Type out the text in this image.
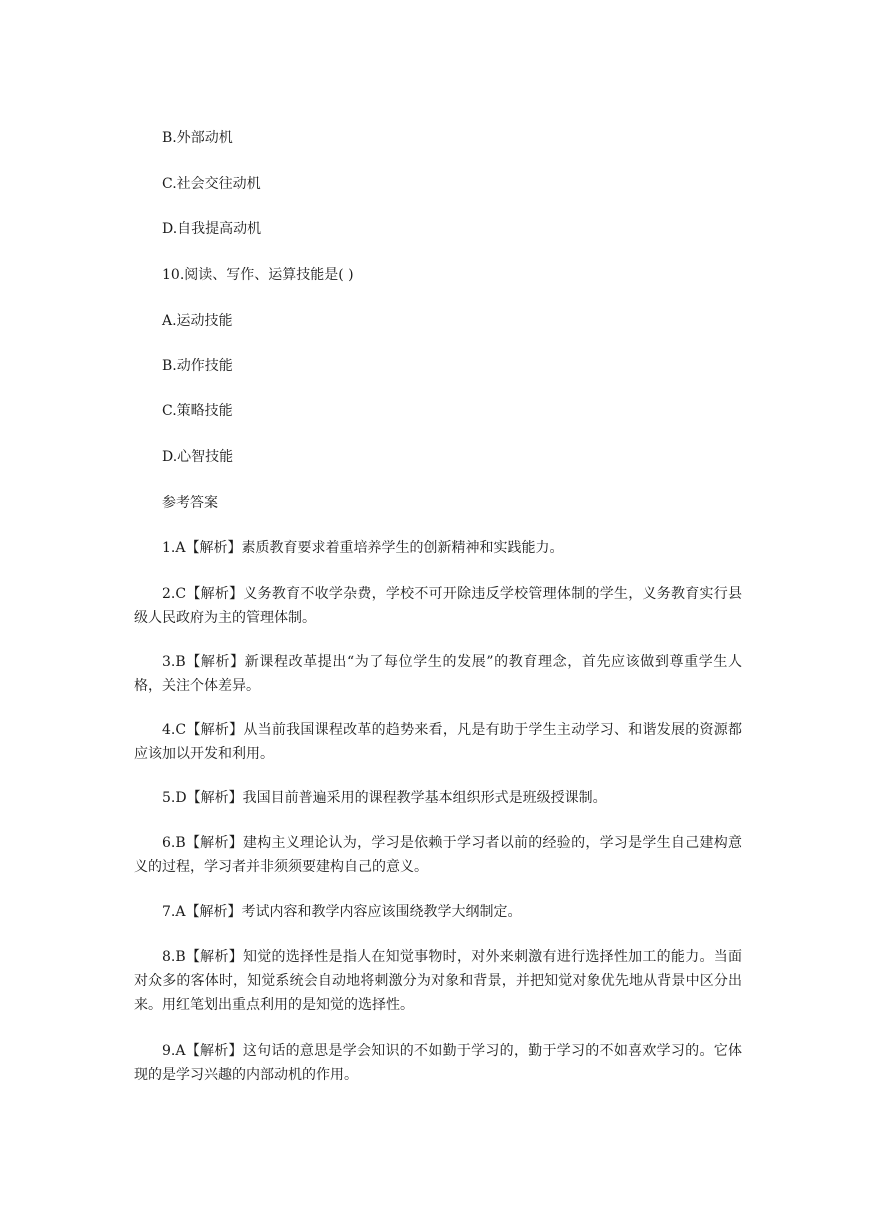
B.外部动机
C.社会交往动机
D.自我提高动机
10.阅读、写作、运算技能是( )
A.运动技能
B.动作技能
C.策略技能
D.心智技能
参考答案
1.A【解析】素质教育要求着重培养学生的创新精神和实践能力。
2.C【解析】义务教育不收学杂费，学校不可开除违反学校管理体制的学生，义务教育实行县级人民政府为主的管理体制。
3.B【解析】新课程改革提出“为了每位学生的发展”的教育理念，首先应该做到尊重学生人格，关注个体差异。
4.C【解析】从当前我国课程改革的趋势来看，凡是有助于学生主动学习、和谐发展的资源都应该加以开发和利用。
5.D【解析】我国目前普遍采用的课程教学基本组织形式是班级授课制。
6.B【解析】建构主义理论认为，学习是依赖于学习者以前的经验的，学习是学生自己建构意义的过程，学习者并非须须要建构自己的意义。
7.A【解析】考试内容和教学内容应该围绕教学大纲制定。
8.B【解析】知觉的选择性是指人在知觉事物时，对外来刺激有进行选择性加工的能力。当面对众多的客体时，知觉系统会自动地将刺激分为对象和背景，并把知觉对象优先地从背景中区分出来。用红笔划出重点利用的是知觉的选择性。
9.A【解析】这句话的意思是学会知识的不如勤于学习的，勤于学习的不如喜欢学习的。它体现的是学习兴趣的内部动机的作用。
